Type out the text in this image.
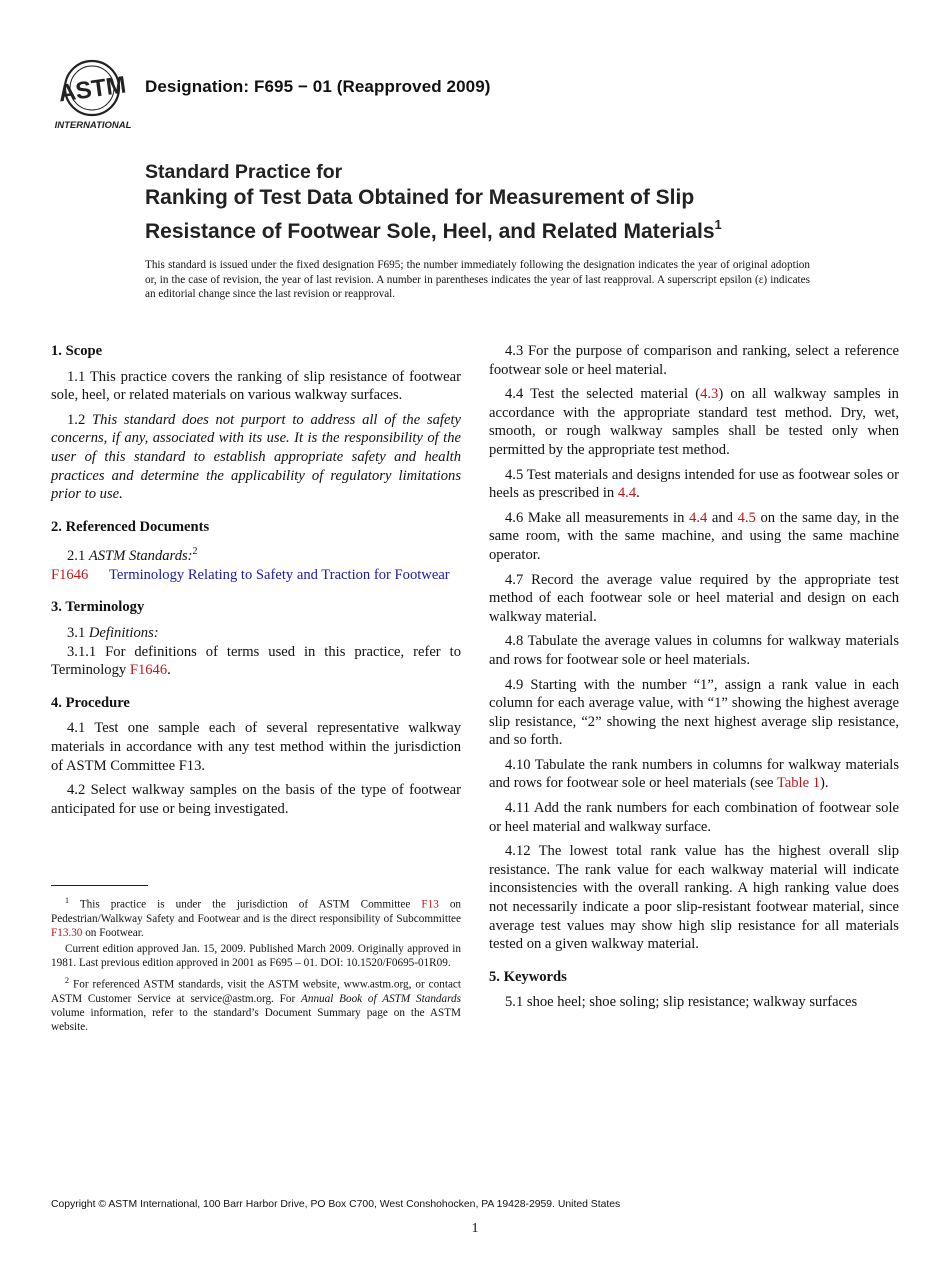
ASTM
INTERNATIONAL
Designation: F695 − 01 (Reapproved 2009)
Standard Practice for
Ranking of Test Data Obtained for Measurement of Slip
Resistance of Footwear Sole, Heel, and Related Materials$^1$
This standard is issued under the fixed designation F695; the number immediately following the designation indicates the year of original adoption or, in the case of revision, the year of last revision. A number in parentheses indicates the year of last reapproval. A superscript epsilon (ε) indicates an editorial change since the last revision or reapproval.
1. Scope

1.1 This practice covers the ranking of slip resistance of footwear sole, heel, or related materials on various walkway surfaces.

1.2 This standard does not purport to address all of the safety concerns, if any, associated with its use. It is the responsibility of the user of this standard to establish appropriate safety and health practices and determine the applicability of regulatory limitations prior to use.

2. Referenced Documents

2.1 ASTM Standards:$^2$

F1646 Terminology Relating to Safety and Traction for Footwear
3. Terminology

3.1 Definitions:

3.1.1 For definitions of terms used in this practice, refer to Terminology F1646.

4. Procedure

4.1 Test one sample each of several representative walkway materials in accordance with any test method within the jurisdiction of ASTM Committee F13.

4.2 Select walkway samples on the basis of the type of footwear anticipated for use or being investigated.

$^1$ This practice is under the jurisdiction of ASTM Committee F13 on Pedestrian/Walkway Safety and Footwear and is the direct responsibility of Subcommittee F13.30 on Footwear.

Current edition approved Jan. 15, 2009. Published March 2009. Originally approved in 1981. Last previous edition approved in 2001 as F695 – 01. DOI: 10.1520/F0695-01R09.

$^2$ For referenced ASTM standards, visit the ASTM website, www.astm.org, or contact ASTM Customer Service at service@astm.org. For Annual Book of ASTM Standards volume information, refer to the standard’s Document Summary page on the ASTM website.

4.3 For the purpose of comparison and ranking, select a reference footwear sole or heel material.

4.4 Test the selected material (4.3) on all walkway samples in accordance with the appropriate standard test method. Dry, wet, smooth, or rough walkway samples shall be tested only when permitted by the appropriate test method.

4.5 Test materials and designs intended for use as footwear soles or heels as prescribed in 4.4.

4.6 Make all measurements in 4.4 and 4.5 on the same day, in the same room, with the same machine, and using the same machine operator.

4.7 Record the average value required by the appropriate test method of each footwear sole or heel material and design on each walkway material.

4.8 Tabulate the average values in columns for walkway materials and rows for footwear sole or heel materials.

4.9 Starting with the number “1”, assign a rank value in each column for each average value, with “1” showing the highest average slip resistance, “2” showing the next highest average slip resistance, and so forth.

4.10 Tabulate the rank numbers in columns for walkway materials and rows for footwear sole or heel materials (see Table 1).

4.11 Add the rank numbers for each combination of footwear sole or heel material and walkway surface.

4.12 The lowest total rank value has the highest overall slip resistance. The rank value for each walkway material will indicate inconsistencies with the overall ranking. A high ranking value does not necessarily indicate a poor slip-resistant footwear material, since average test values may show high slip resistance for all materials tested on a given walkway material.

5. Keywords

5.1 shoe heel; shoe soling; slip resistance; walkway surfaces

Copyright © ASTM International, 100 Barr Harbor Drive, PO Box C700, West Conshohocken, PA 19428-2959. United States
1
